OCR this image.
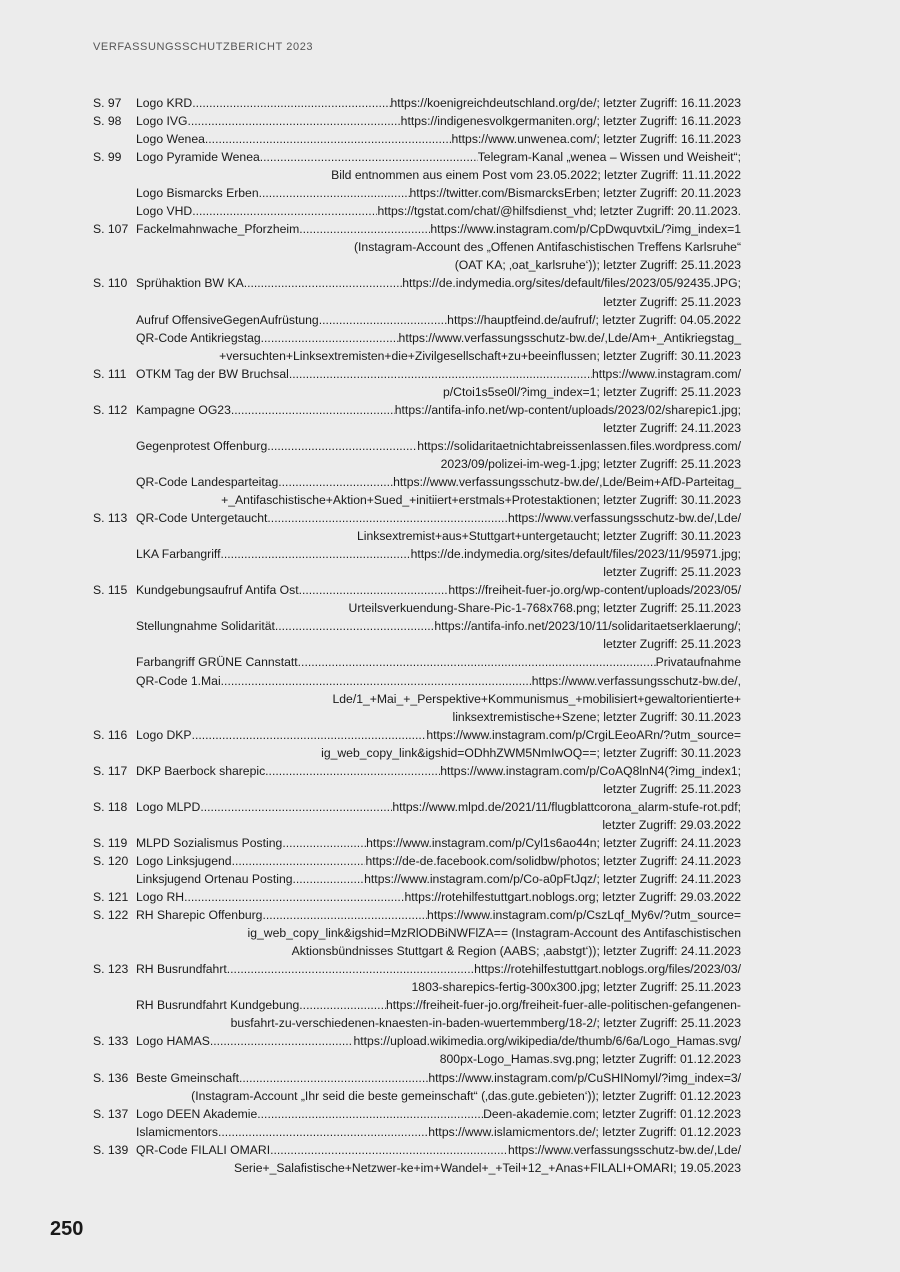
VERFASSUNGSSCHUTZBERICHT 2023
S. 97 Logo KRD .....	https://koenigreichdeutschland.org/de/; letzter Zugriff: 16.11.2023
S. 98 Logo IVG .....	https://indigenesvolkgermaniten.org/; letzter Zugriff: 16.11.2023
Logo Wenea .....	https://www.unwenea.com/; letzter Zugriff: 16.11.2023
S. 99 Logo Pyramide Wenea .....	Telegram-Kanal „wenea – Wissen und Weisheit“;
Bild entnommen aus einem Post vom 23.05.2022; letzter Zugriff: 11.11.2022
Logo Bismarcks Erben .....	https://twitter.com/BismarcksErben; letzter Zugriff: 20.11.2023
Logo VHD .....	https://tgstat.com/chat/@hilfsdienst_vhd; letzter Zugriff: 20.11.2023.
S. 107 Fackelmahnwache_Pforzheim .....	https://www.instagram.com/p/CpDwquvtxiL/?img_index=1
(Instagram-Account des „Offenen Antifaschistischen Treffens Karlsruhe“
(OAT KA; ‚oat_karlsruhe‘)); letzter Zugriff: 25.11.2023
S. 110 Sprühaktion BW KA .....	https://de.indymedia.org/sites/default/files/2023/05/92435.JPG;
letzter Zugriff: 25.11.2023
Aufruf OffensiveGegenAufrüstung .....	https://hauptfeind.de/aufruf/; letzter Zugriff: 04.05.2022
QR-Code Antikriegstag .....	https://www.verfassungsschutz-bw.de/,Lde/Am+_Antikriegstag_
+versuchten+Linksextremisten+die+Zivilgesellschaft+zu+beeinflussen; letzter Zugriff: 30.11.2023
S. 111 OTKM Tag der BW Bruchsal .....	https://www.instagram.com/
p/Ctoi1s5se0l/?img_index=1; letzter Zugriff: 25.11.2023
S. 112 Kampagne OG23 .....	https://antifa-info.net/wp-content/uploads/2023/02/sharepic1.jpg;
letzter Zugriff: 24.11.2023
Gegenprotest Offenburg .....	https://solidaritaetnichtabreissenlassen.files.wordpress.com/
2023/09/polizei-im-weg-1.jpg; letzter Zugriff: 25.11.2023
QR-Code Landesparteitag .....	https://www.verfassungsschutz-bw.de/,Lde/Beim+AfD-Parteitag_
+_Antifaschistische+Aktion+Sued_+initiiert+erstmals+Protestaktionen; letzter Zugriff: 30.11.2023
S. 113 QR-Code Untergetaucht .....	https://www.verfassungsschutz-bw.de/,Lde/
Linksextremist+aus+Stuttgart+untergetaucht; letzter Zugriff: 30.11.2023
LKA Farbangriff .....	https://de.indymedia.org/sites/default/files/2023/11/95971.jpg;
letzter Zugriff: 25.11.2023
S. 115 Kundgebungsaufruf Antifa Ost .....	https://freiheit-fuer-jo.org/wp-content/uploads/2023/05/
Urteilsverkuendung-Share-Pic-1-768x768.png; letzter Zugriff: 25.11.2023
Stellungnahme Solidarität .....	https://antifa-info.net/2023/10/11/solidaritaetserklaerung/;
letzter Zugriff: 25.11.2023
Farbangriff GRÜNE Cannstatt .....	Privataufnahme
QR-Code 1.Mai .....	https://www.verfassungsschutz-bw.de/,
Lde/1_+Mai_+_Perspektive+Kommunismus_+mobilisiert+gewaltorientierte+
linksextremistische+Szene; letzter Zugriff: 30.11.2023
S. 116 Logo DKP .....	https://www.instagram.com/p/CrgiLEeoARn/?utm_source=
ig_web_copy_link&igshid=ODhhZWM5NmIwOQ==; letzter Zugriff: 30.11.2023
S. 117 DKP Baerbock sharepic .....	https://www.instagram.com/p/CoAQ8lnN4(?img_index1;
letzter Zugriff: 25.11.2023
S. 118 Logo MLPD .....	https://www.mlpd.de/2021/11/flugblattcorona_alarm-stufe-rot.pdf;
letzter Zugriff: 29.03.2022
S. 119 MLPD Sozialismus Posting .....	https://www.instagram.com/p/Cyl1s6ao44n; letzter Zugriff: 24.11.2023
S. 120 Logo Linksjugend .....	https://de-de.facebook.com/solidbw/photos; letzter Zugriff: 24.11.2023
Linksjugend Ortenau Posting .....	https://www.instagram.com/p/Co-a0pFtJqz/; letzter Zugriff: 24.11.2023
S. 121 Logo RH .....	https://rotehilfestuttgart.noblogs.org; letzter Zugriff: 29.03.2022
S. 122 RH Sharepic Offenburg .....	https://www.instagram.com/p/CszLqf_My6v/?utm_source=
ig_web_copy_link&igshid=MzRlODBiNWFlZA== (Instagram-Account des Antifaschistischen
Aktionsbündnisses Stuttgart & Region (AABS; ‚aabstgt‘)); letzter Zugriff: 24.11.2023
S. 123 RH Busrundfahrt .....	https://rotehilfestuttgart.noblogs.org/files/2023/03/
1803-sharepics-fertig-300x300.jpg; letzter Zugriff: 25.11.2023
RH Busrundfahrt Kundgebung .....	https://freiheit-fuer-jo.org/freiheit-fuer-alle-politischen-gefangenen-
busfahrt-zu-verschiedenen-knaesten-in-baden-wuertemmberg/18-2/; letzter Zugriff: 25.11.2023
S. 133 Logo HAMAS .....	https://upload.wikimedia.org/wikipedia/de/thumb/6/6a/Logo_Hamas.svg/
800px-Logo_Hamas.svg.png; letzter Zugriff: 01.12.2023
S. 136 Beste Gmeinschaft .....	https://www.instagram.com/p/CuSHINomyl/?img_index=3/
(Instagram-Account „Ihr seid die beste gemeinschaft“ (‚das.gute.gebieten‘)); letzter Zugriff: 01.12.2023
S. 137 Logo DEEN Akademie .....	Deen-akademie.com; letzter Zugriff: 01.12.2023
Islamicmentors .....	https://www.islamicmentors.de/; letzter Zugriff: 01.12.2023
S. 139 QR-Code FILALI OMARI .....	https://www.verfassungsschutz-bw.de/,Lde/
Serie+_Salafistische+Netzwer-ke+im+Wandel+_+Teil+12_+Anas+FILALI+OMARI; 19.05.2023
250
